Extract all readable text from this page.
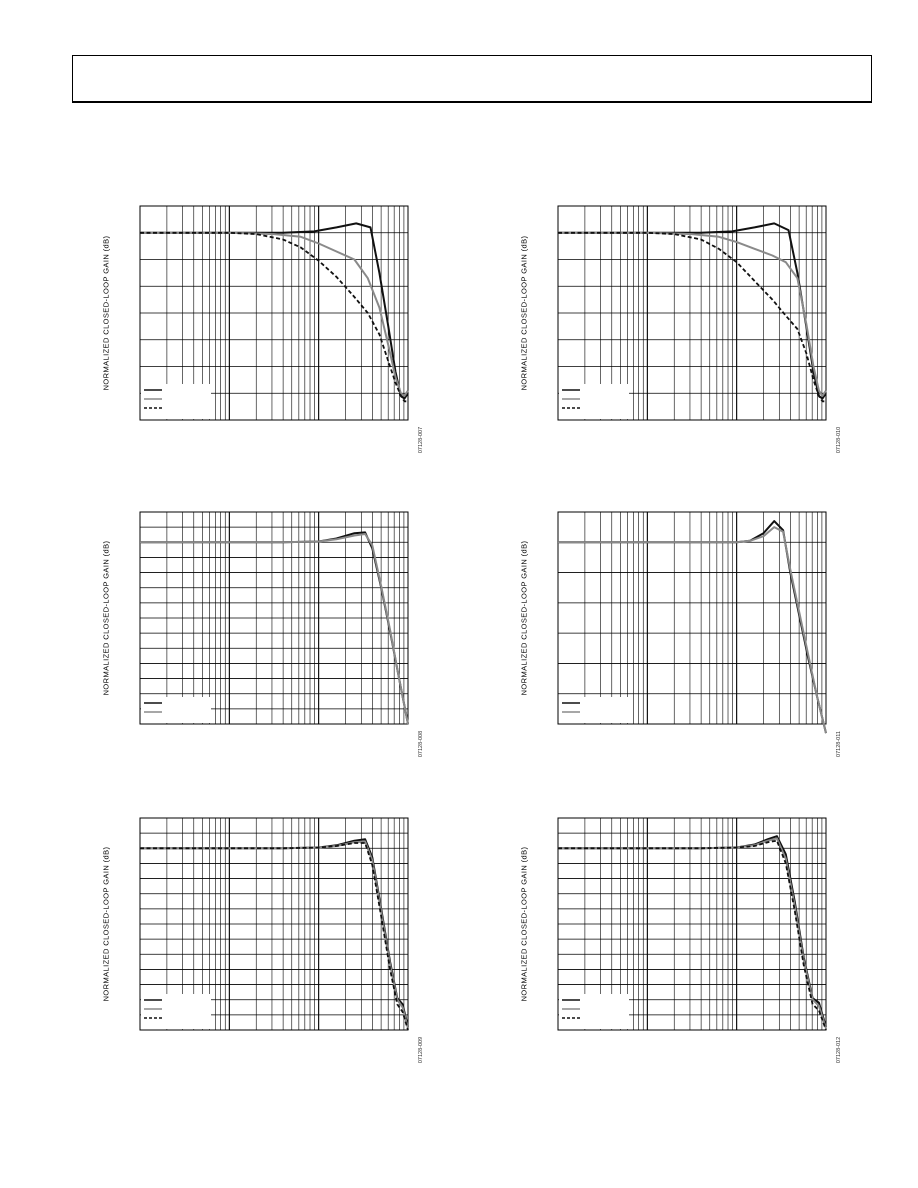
NORMALIZED CLOSED-LOOP GAIN (dB)
07128-007
NORMALIZED CLOSED-LOOP GAIN (dB)
07128-010
NORMALIZED CLOSED-LOOP GAIN (dB)
07128-008
NORMALIZED CLOSED-LOOP GAIN (dB)
07128-011
NORMALIZED CLOSED-LOOP GAIN (dB)
07128-009
NORMALIZED CLOSED-LOOP GAIN (dB)
07128-012
